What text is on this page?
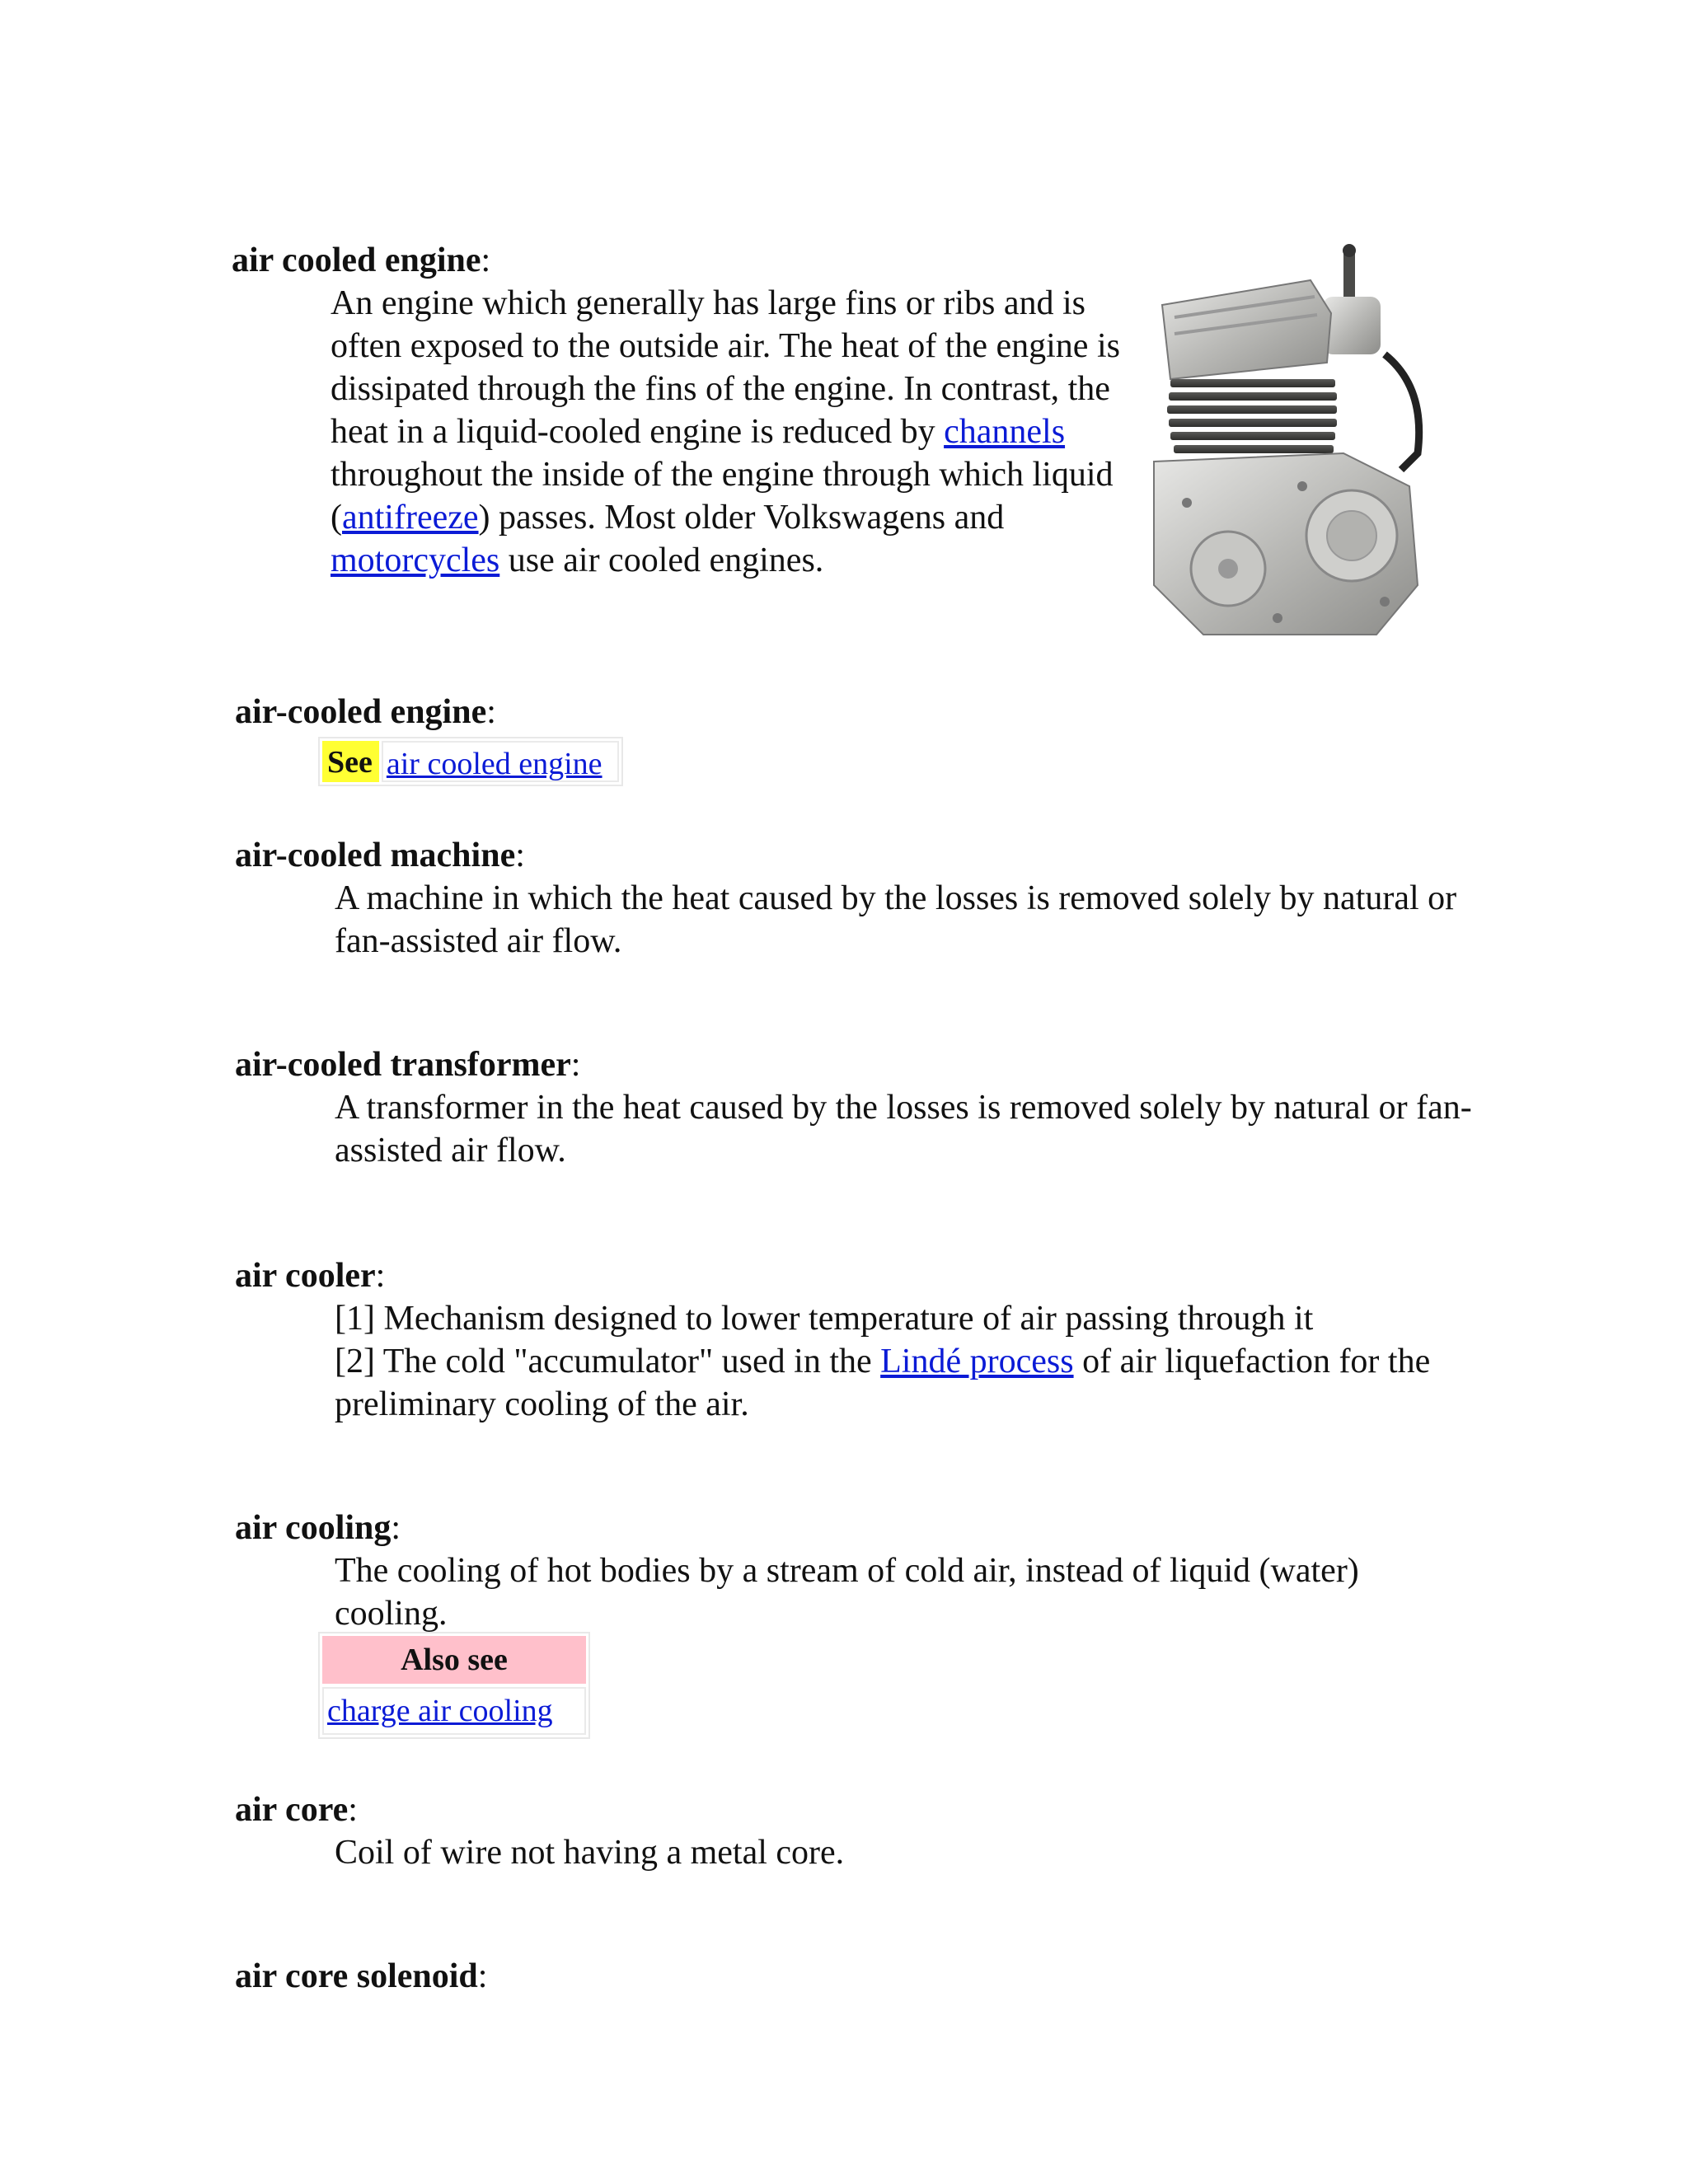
air cooled engine:
An engine which generally has large fins or ribs and is often exposed to the outside air. The heat of the engine is dissipated through the fins of the engine. In contrast, the heat in a liquid-cooled engine is reduced by channels throughout the inside of the engine through which liquid (antifreeze) passes. Most older Volkswagens and motorcycles use air cooled engines.
air-cooled engine:
See air cooled engine
air-cooled machine:
A machine in which the heat caused by the losses is removed solely by natural or fan-assisted air flow.
air-cooled transformer:
A transformer in the heat caused by the losses is removed solely by natural or fan-assisted air flow.
air cooler:
[1] Mechanism designed to lower temperature of air passing through it
[2] The cold "accumulator" used in the Lindé process of air liquefaction for the preliminary cooling of the air.
air cooling:
The cooling of hot bodies by a stream of cold air, instead of liquid (water) cooling.
Also see
charge air cooling
air core:
Coil of wire not having a metal core.
air core solenoid:
